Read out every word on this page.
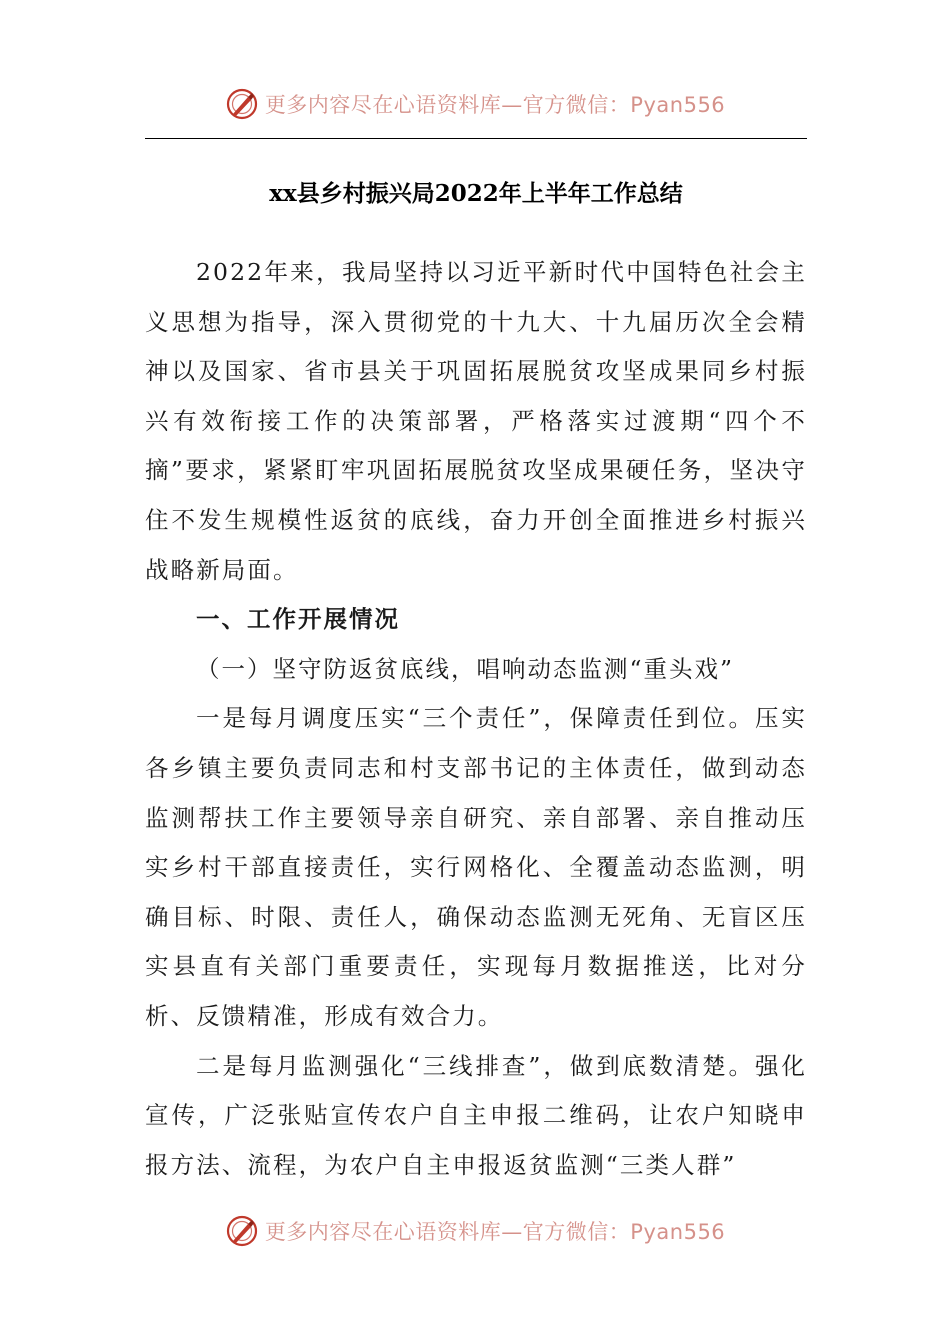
更多内容尽在心语资料库—官方微信：Pyan556
xx县乡村振兴局2022年上半年工作总结

2022年来，我局坚持以习近平新时代中国特色社会主义思想为指导，深入贯彻党的十九大、十九届历次全会精神以及国家、省市县关于巩固拓展脱贫攻坚成果同乡村振兴有效衔接工作的决策部署，严格落实过渡期“四个不摘”要求，紧紧盯牢巩固拓展脱贫攻坚成果硬任务，坚决守住不发生规模性返贫的底线，奋力开创全面推进乡村振兴战略新局面。

一、工作开展情况

（一）坚守防返贫底线，唱响动态监测“重头戏”

一是每月调度压实“三个责任”，保障责任到位。压实各乡镇主要负责同志和村支部书记的主体责任，做到动态监测帮扶工作主要领导亲自研究、亲自部署、亲自推动压实乡村干部直接责任，实行网格化、全覆盖动态监测，明确目标、时限、责任人，确保动态监测无死角、无盲区压实县直有关部门重要责任，实现每月数据推送，比对分析、反馈精准，形成有效合力。

二是每月监测强化“三线排查”，做到底数清楚。强化宣传，广泛张贴宣传农户自主申报二维码，让农户知晓申报方法、流程，为农户自主申报返贫监测“三类人群”

更多内容尽在心语资料库—官方微信：Pyan556
